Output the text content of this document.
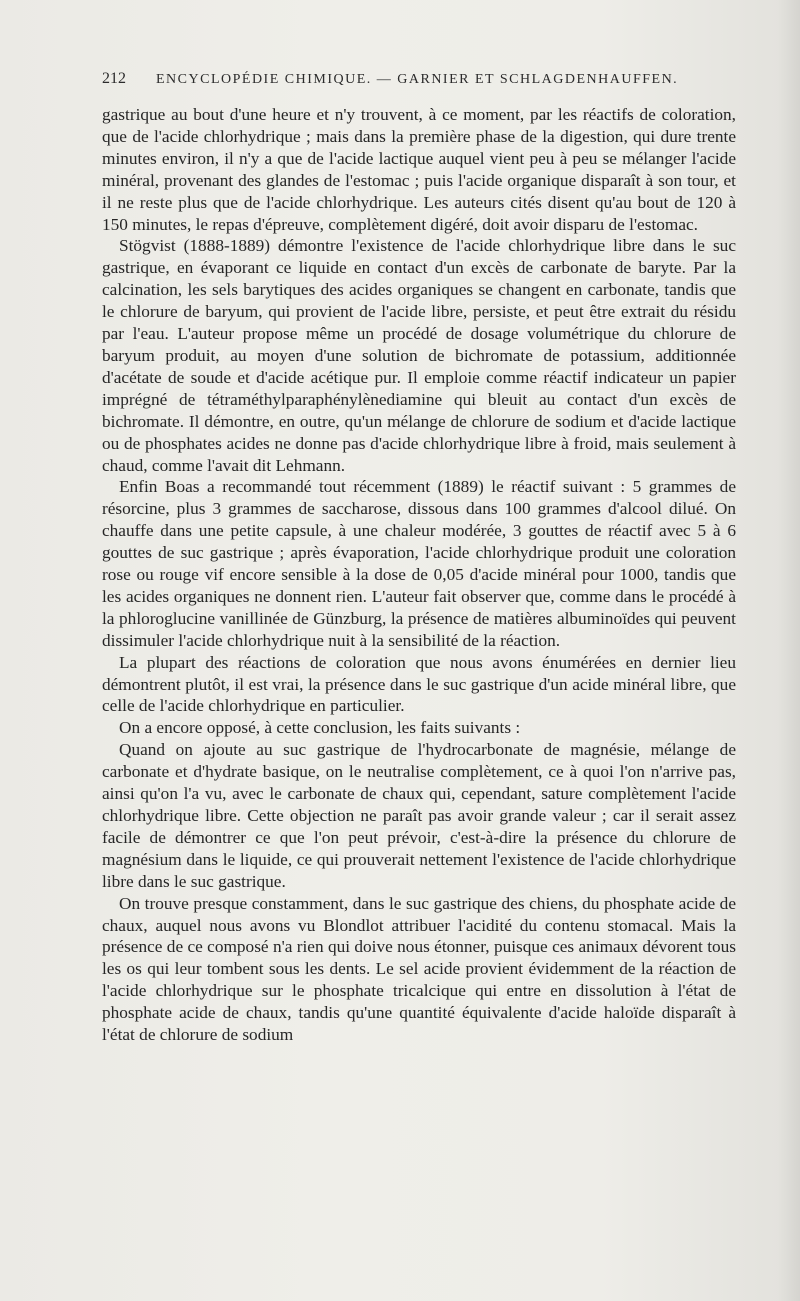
212 ENCYCLOPÉDIE CHIMIQUE. — GARNIER ET SCHLAGDENHAUFFEN.

gastrique au bout d'une heure et n'y trouvent, à ce moment, par les réactifs de coloration, que de l'acide chlorhydrique ; mais dans la première phase de la digestion, qui dure trente minutes environ, il n'y a que de l'acide lactique auquel vient peu à peu se mélanger l'acide minéral, provenant des glandes de l'estomac ; puis l'acide organique disparaît à son tour, et il ne reste plus que de l'acide chlorhydrique. Les auteurs cités disent qu'au bout de 120 à 150 minutes, le repas d'épreuve, complètement digéré, doit avoir disparu de l'estomac.

Stögvist (1888-1889) démontre l'existence de l'acide chlorhydrique libre dans le suc gastrique, en évaporant ce liquide en contact d'un excès de carbonate de baryte. Par la calcination, les sels barytiques des acides organiques se changent en carbonate, tandis que le chlorure de baryum, qui provient de l'acide libre, persiste, et peut être extrait du résidu par l'eau. L'auteur propose même un procédé de dosage volumétrique du chlorure de baryum produit, au moyen d'une solution de bichromate de potassium, additionnée d'acétate de soude et d'acide acétique pur. Il emploie comme réactif indicateur un papier imprégné de tétraméthylparaphénylènediamine qui bleuit au contact d'un excès de bichromate. Il démontre, en outre, qu'un mélange de chlorure de sodium et d'acide lactique ou de phosphates acides ne donne pas d'acide chlorhydrique libre à froid, mais seulement à chaud, comme l'avait dit Lehmann.

Enfin Boas a recommandé tout récemment (1889) le réactif suivant : 5 grammes de résorcine, plus 3 grammes de saccharose, dissous dans 100 grammes d'alcool dilué. On chauffe dans une petite capsule, à une chaleur modérée, 3 gouttes de réactif avec 5 à 6 gouttes de suc gastrique ; après évaporation, l'acide chlorhydrique produit une coloration rose ou rouge vif encore sensible à la dose de 0,05 d'acide minéral pour 1000, tandis que les acides organiques ne donnent rien. L'auteur fait observer que, comme dans le procédé à la phloroglucine vanillinée de Günzburg, la présence de matières albuminoïdes qui peuvent dissimuler l'acide chlorhydrique nuit à la sensibilité de la réaction.

La plupart des réactions de coloration que nous avons énumérées en dernier lieu démontrent plutôt, il est vrai, la présence dans le suc gastrique d'un acide minéral libre, que celle de l'acide chlorhydrique en particulier.

On a encore opposé, à cette conclusion, les faits suivants :

Quand on ajoute au suc gastrique de l'hydrocarbonate de magnésie, mélange de carbonate et d'hydrate basique, on le neutralise complètement, ce à quoi l'on n'arrive pas, ainsi qu'on l'a vu, avec le carbonate de chaux qui, cependant, sature complètement l'acide chlorhydrique libre. Cette objection ne paraît pas avoir grande valeur ; car il serait assez facile de démontrer ce que l'on peut prévoir, c'est-à-dire la présence du chlorure de magnésium dans le liquide, ce qui prouverait nettement l'existence de l'acide chlorhydrique libre dans le suc gastrique.

On trouve presque constamment, dans le suc gastrique des chiens, du phosphate acide de chaux, auquel nous avons vu Blondlot attribuer l'acidité du contenu stomacal. Mais la présence de ce composé n'a rien qui doive nous étonner, puisque ces animaux dévorent tous les os qui leur tombent sous les dents. Le sel acide provient évidemment de la réaction de l'acide chlorhydrique sur le phosphate tricalcique qui entre en dissolution à l'état de phosphate acide de chaux, tandis qu'une quantité équivalente d'acide haloïde disparaît à l'état de chlorure de sodium
